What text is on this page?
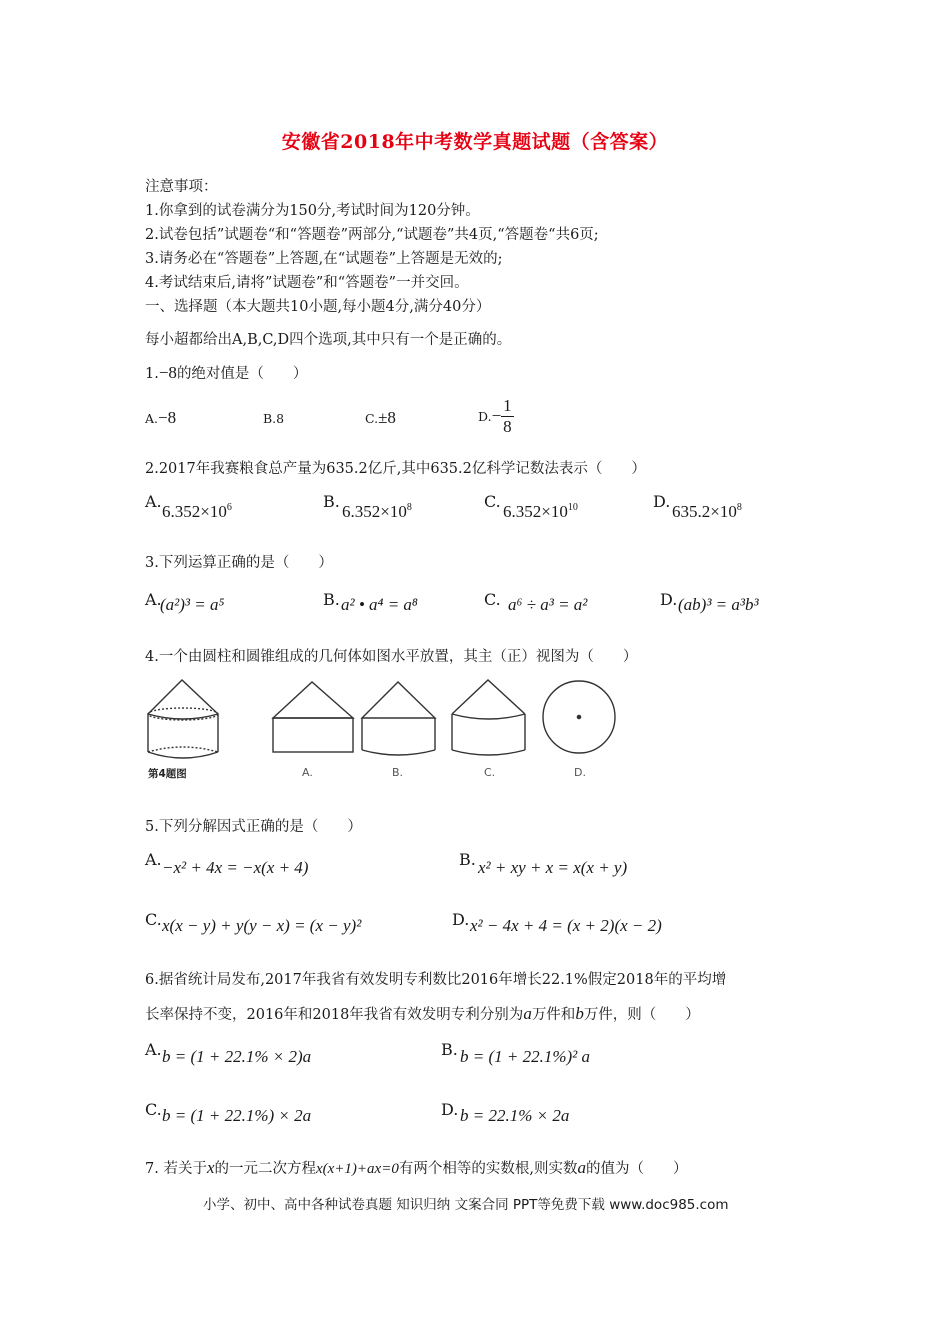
安徽省2018年中考数学真题试题（含答案）
注意事项：
1.你拿到的试卷满分为150分,考试时间为120分钟。
2.试卷包括”试题卷“和“答题卷”两部分,“试题卷”共4页,“答题卷“共6页;
3.请务必在“答题卷”上答题,在“试题卷”上答题是无效的;
4.考试结束后,请将”试题卷”和“答题卷”一并交回。
一、选择题（本大题共10小题,每小题4分,满分40分）
每小超都给出A,B,C,D四个选项,其中只有一个是正确的。
1.−8的绝对值是（　　）
A.−8	B.8	C.±8	$D.- \frac{1}{8}$
2.2017年我赛粮食总产量为635.2亿斤,其中635.2亿科学记数法表示（　　）
A.
$6.352\times 10^6$	B.
$6.352\times 10^8$	C.
$6.352\times 10^{10}$	D.
$635.2\times 10^8$
3.下列运算正确的是（　　）
A.
(a²)³ = a⁵	B. a² • a⁴ = a⁸	C. a⁶ ÷ a³ = a²	D. (ab)³ = a³b³
4.一个由圆柱和圆锥组成的几何体如图水平放置，其主（正）视图为（　　）
第4题图	A.	B.	C.	D.
5.下列分解因式正确的是（　　）
A. −x² + 4x = −x(x + 4)	B. x² + xy + x = x(x + y)
C. x(x − y) + y(y − x) = (x − y)²	D. x² − 4x + 4 = (x + 2)(x − 2)
6.据省统计局发布,2017年我省有效发明专利数比2016年增长22.1%假定2018年的平均增
长率保持不变，2016年和2018年我省有效发明专利分别为a万件和b万件，则（　　）
A. b = (1 + 22.1% × 2)a	B. b = (1 + 22.1%)² a
C. b = (1 + 22.1%) × 2a	D. b = 22.1% × 2a
7. 若关于x的一元二次方程x(x+1)+ax=0有两个相等的实数根,则实数a的值为（　　）
小学、初中、高中各种试卷真题 知识归纳 文案合同 PPT等免费下载 www.doc985.com
